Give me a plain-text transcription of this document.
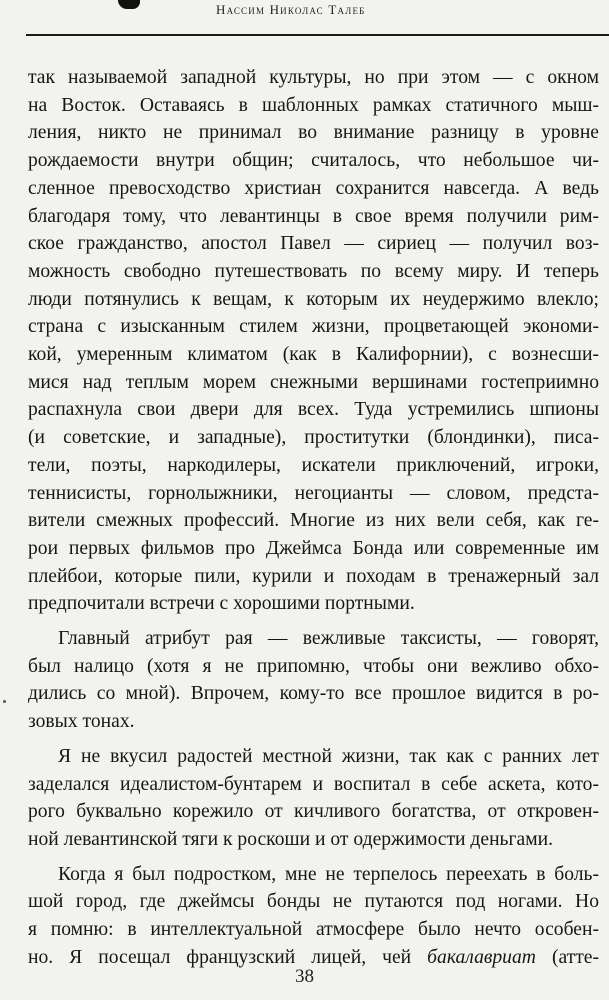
Нассим Николас Талеб
так называемой западной культуры, но при этом — с окном
на Восток. Оставаясь в шаблонных рамках статичного мыш-
ления, никто не принимал во внимание разницу в уровне
рождаемости внутри общин; считалось, что небольшое чи-
сленное превосходство христиан сохранится навсегда. А ведь
благодаря тому, что левантинцы в свое время получили рим-
ское гражданство, апостол Павел — сириец — получил воз-
можность свободно путешествовать по всему миру. И теперь
люди потянулись к вещам, к которым их неудержимо влекло;
страна с изысканным стилем жизни, процветающей экономи-
кой, умеренным климатом (как в Калифорнии), с вознесши-
мися над теплым морем снежными вершинами гостеприимно
распахнула свои двери для всех. Туда устремились шпионы
(и советские, и западные), проститутки (блондинки), писа-
тели, поэты, наркодилеры, искатели приключений, игроки,
теннисисты, горнолыжники, негоцианты — словом, предста-
вители смежных профессий. Многие из них вели себя, как ге-
рои первых фильмов про Джеймса Бонда или современные им
плейбои, которые пили, курили и походам в тренажерный зал
предпочитали встречи с хорошими портными.
Главный атрибут рая — вежливые таксисты, — говорят,
был налицо (хотя я не припомню, чтобы они вежливо обхо-
дились со мной). Впрочем, кому-то все прошлое видится в ро-
зовых тонах.
Я не вкусил радостей местной жизни, так как с ранних лет
заделался идеалистом-бунтарем и воспитал в себе аскета, кото-
рого буквально корежило от кичливого богатства, от откровен-
ной левантинской тяги к роскоши и от одержимости деньгами.
Когда я был подростком, мне не терпелось переехать в боль-
шой город, где джеймсы бонды не путаются под ногами. Но
я помню: в интеллектуальной атмосфере было нечто особен-
но. Я посещал французский лицей, чей бакалавриат (атте-
38
